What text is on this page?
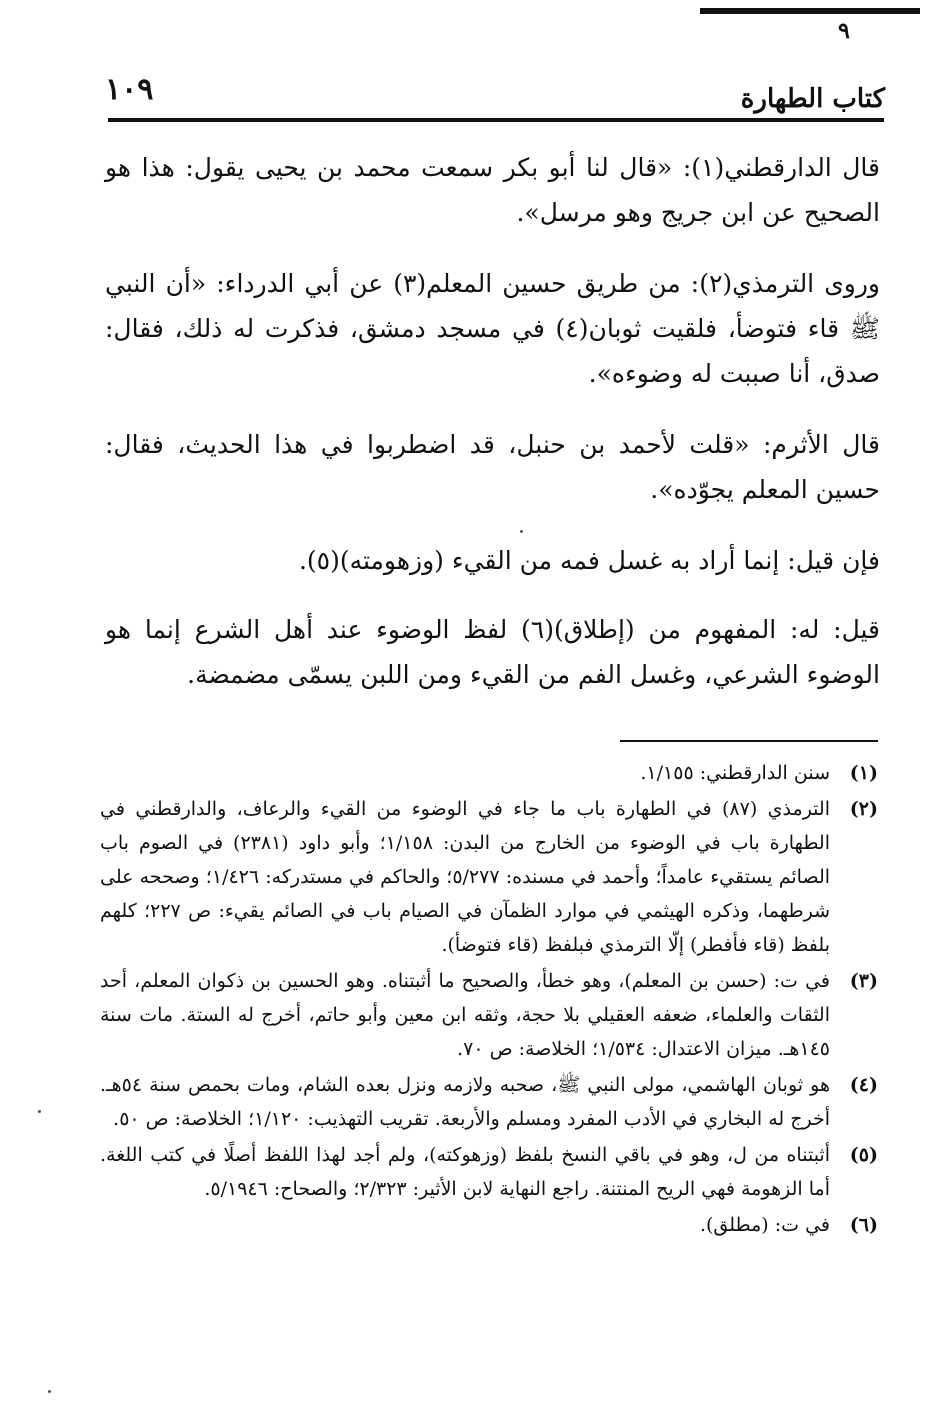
٩
١٠٩	كتاب الطهارة

قال الدارقطني(١): «قال لنا أبو بكر سمعت محمد بن يحيى يقول: هذا هو الصحيح عن ابن جريج وهو مرسل».

وروى الترمذي(٢): من طريق حسين المعلم(٣) عن أبي الدرداء: «أن النبي ﷺ قاء فتوضأ، فلقيت ثوبان(٤) في مسجد دمشق، فذكرت له ذلك، فقال: صدق، أنا صببت له وضوءه».

قال الأثرم: «قلت لأحمد بن حنبل، قد اضطربوا في هذا الحديث، فقال: حسين المعلم يجوّده».

فإن قيل: إنما أراد به غسل فمه من القيء (وزهومته)(٥).

قيل: له: المفهوم من (إطلاق)(٦) لفظ الوضوء عند أهل الشرع إنما هو الوضوء الشرعي، وغسل الفم من القيء ومن اللبن يسمّى مضمضة.

(١)
سنن الدارقطني: ١/١٥٥.
(٢)
الترمذي (٨٧) في الطهارة باب ما جاء في الوضوء من القيء والرعاف، والدارقطني في الطهارة باب في الوضوء من الخارج من البدن: ١/١٥٨؛ وأبو داود (٢٣٨١) في الصوم باب الصائم يستقيء عامداً؛ وأحمد في مسنده: ٥/٢٧٧؛ والحاكم في مستدركه: ١/٤٢٦؛ وصححه على شرطهما، وذكره الهيثمي في موارد الظمآن في الصيام باب في الصائم يقيء: ص ٢٢٧؛ كلهم بلفظ (قاء فأفطر) إلّا الترمذي فبلفظ (قاء فتوضأ).
(٣)
في ت: (حسن بن المعلم)، وهو خطأ، والصحيح ما أثبتناه. وهو الحسين بن ذكوان المعلم، أحد الثقات والعلماء، ضعفه العقيلي بلا حجة، وثقه ابن معين وأبو حاتم، أخرج له الستة. مات سنة ١٤٥هـ. ميزان الاعتدال: ١/٥٣٤؛ الخلاصة: ص ٧٠.
(٤)
هو ثوبان الهاشمي، مولى النبي ﷺ، صحبه ولازمه ونزل بعده الشام، ومات بحمص سنة ٥٤هـ. أخرج له البخاري في الأدب المفرد ومسلم والأربعة. تقريب التهذيب: ١/١٢٠؛ الخلاصة: ص ٥٠.
(٥)
أثبتناه من ل، وهو في باقي النسخ بلفظ (وزهوكته)، ولم أجد لهذا اللفظ أصلًا في كتب اللغة. أما الزهومة فهي الريح المنتنة. راجع النهاية لابن الأثير: ٢/٣٢٣؛ والصحاح: ٥/١٩٤٦.
(٦)
في ت: (مطلق).
